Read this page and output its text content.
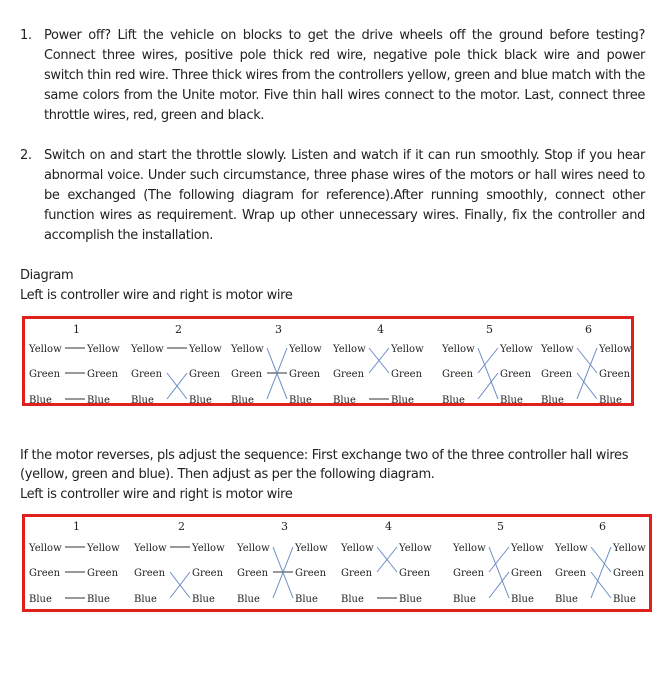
1. Power off? Lift the vehicle on blocks to get the drive wheels off the ground before testing? Connect three wires, positive pole thick red wire, negative pole thick black wire and power switch thin red wire. Three thick wires from the controllers yellow, green and blue match with the same colors from the Unite motor. Five thin hall wires connect to the motor. Last, connect three throttle wires, red, green and black.
2. Switch on and start the throttle slowly. Listen and watch if it can run smoothly. Stop if you hear abnormal voice. Under such circumstance, three phase wires of the motors or hall wires need to be exchanged (The following diagram for reference).After running smoothly, connect other function wires as requirement. Wrap up other unnecessary wires. Finally, fix the controller and accomplish the installation.
Diagram
Left is controller wire and right is motor wire
1
Yellow	Yellow
Green	Green
Blue	Blue
2
Yellow	Yellow
Green	Green
Blue	Blue
3
Yellow	Yellow
Green	Green
Blue	Blue
4
Yellow	Yellow
Green	Green
Blue	Blue
5
Yellow	Yellow
Green	Green
Blue	Blue
6
Yellow	Yellow
Green	Green
Blue	Blue
If the motor reverses, pls adjust the sequence: First exchange two of the three controller hall wires
(yellow, green and blue). Then adjust as per the following diagram.
Left is controller wire and right is motor wire
1
Yellow	Yellow
Green	Green
Blue	Blue
2
Yellow	Yellow
Green	Green
Blue	Blue
3
Yellow	Yellow
Green	Green
Blue	Blue
4
Yellow	Yellow
Green	Green
Blue	Blue
5
Yellow	Yellow
Green	Green
Blue	Blue
6
Yellow	Yellow
Green	Green
Blue	Blue
